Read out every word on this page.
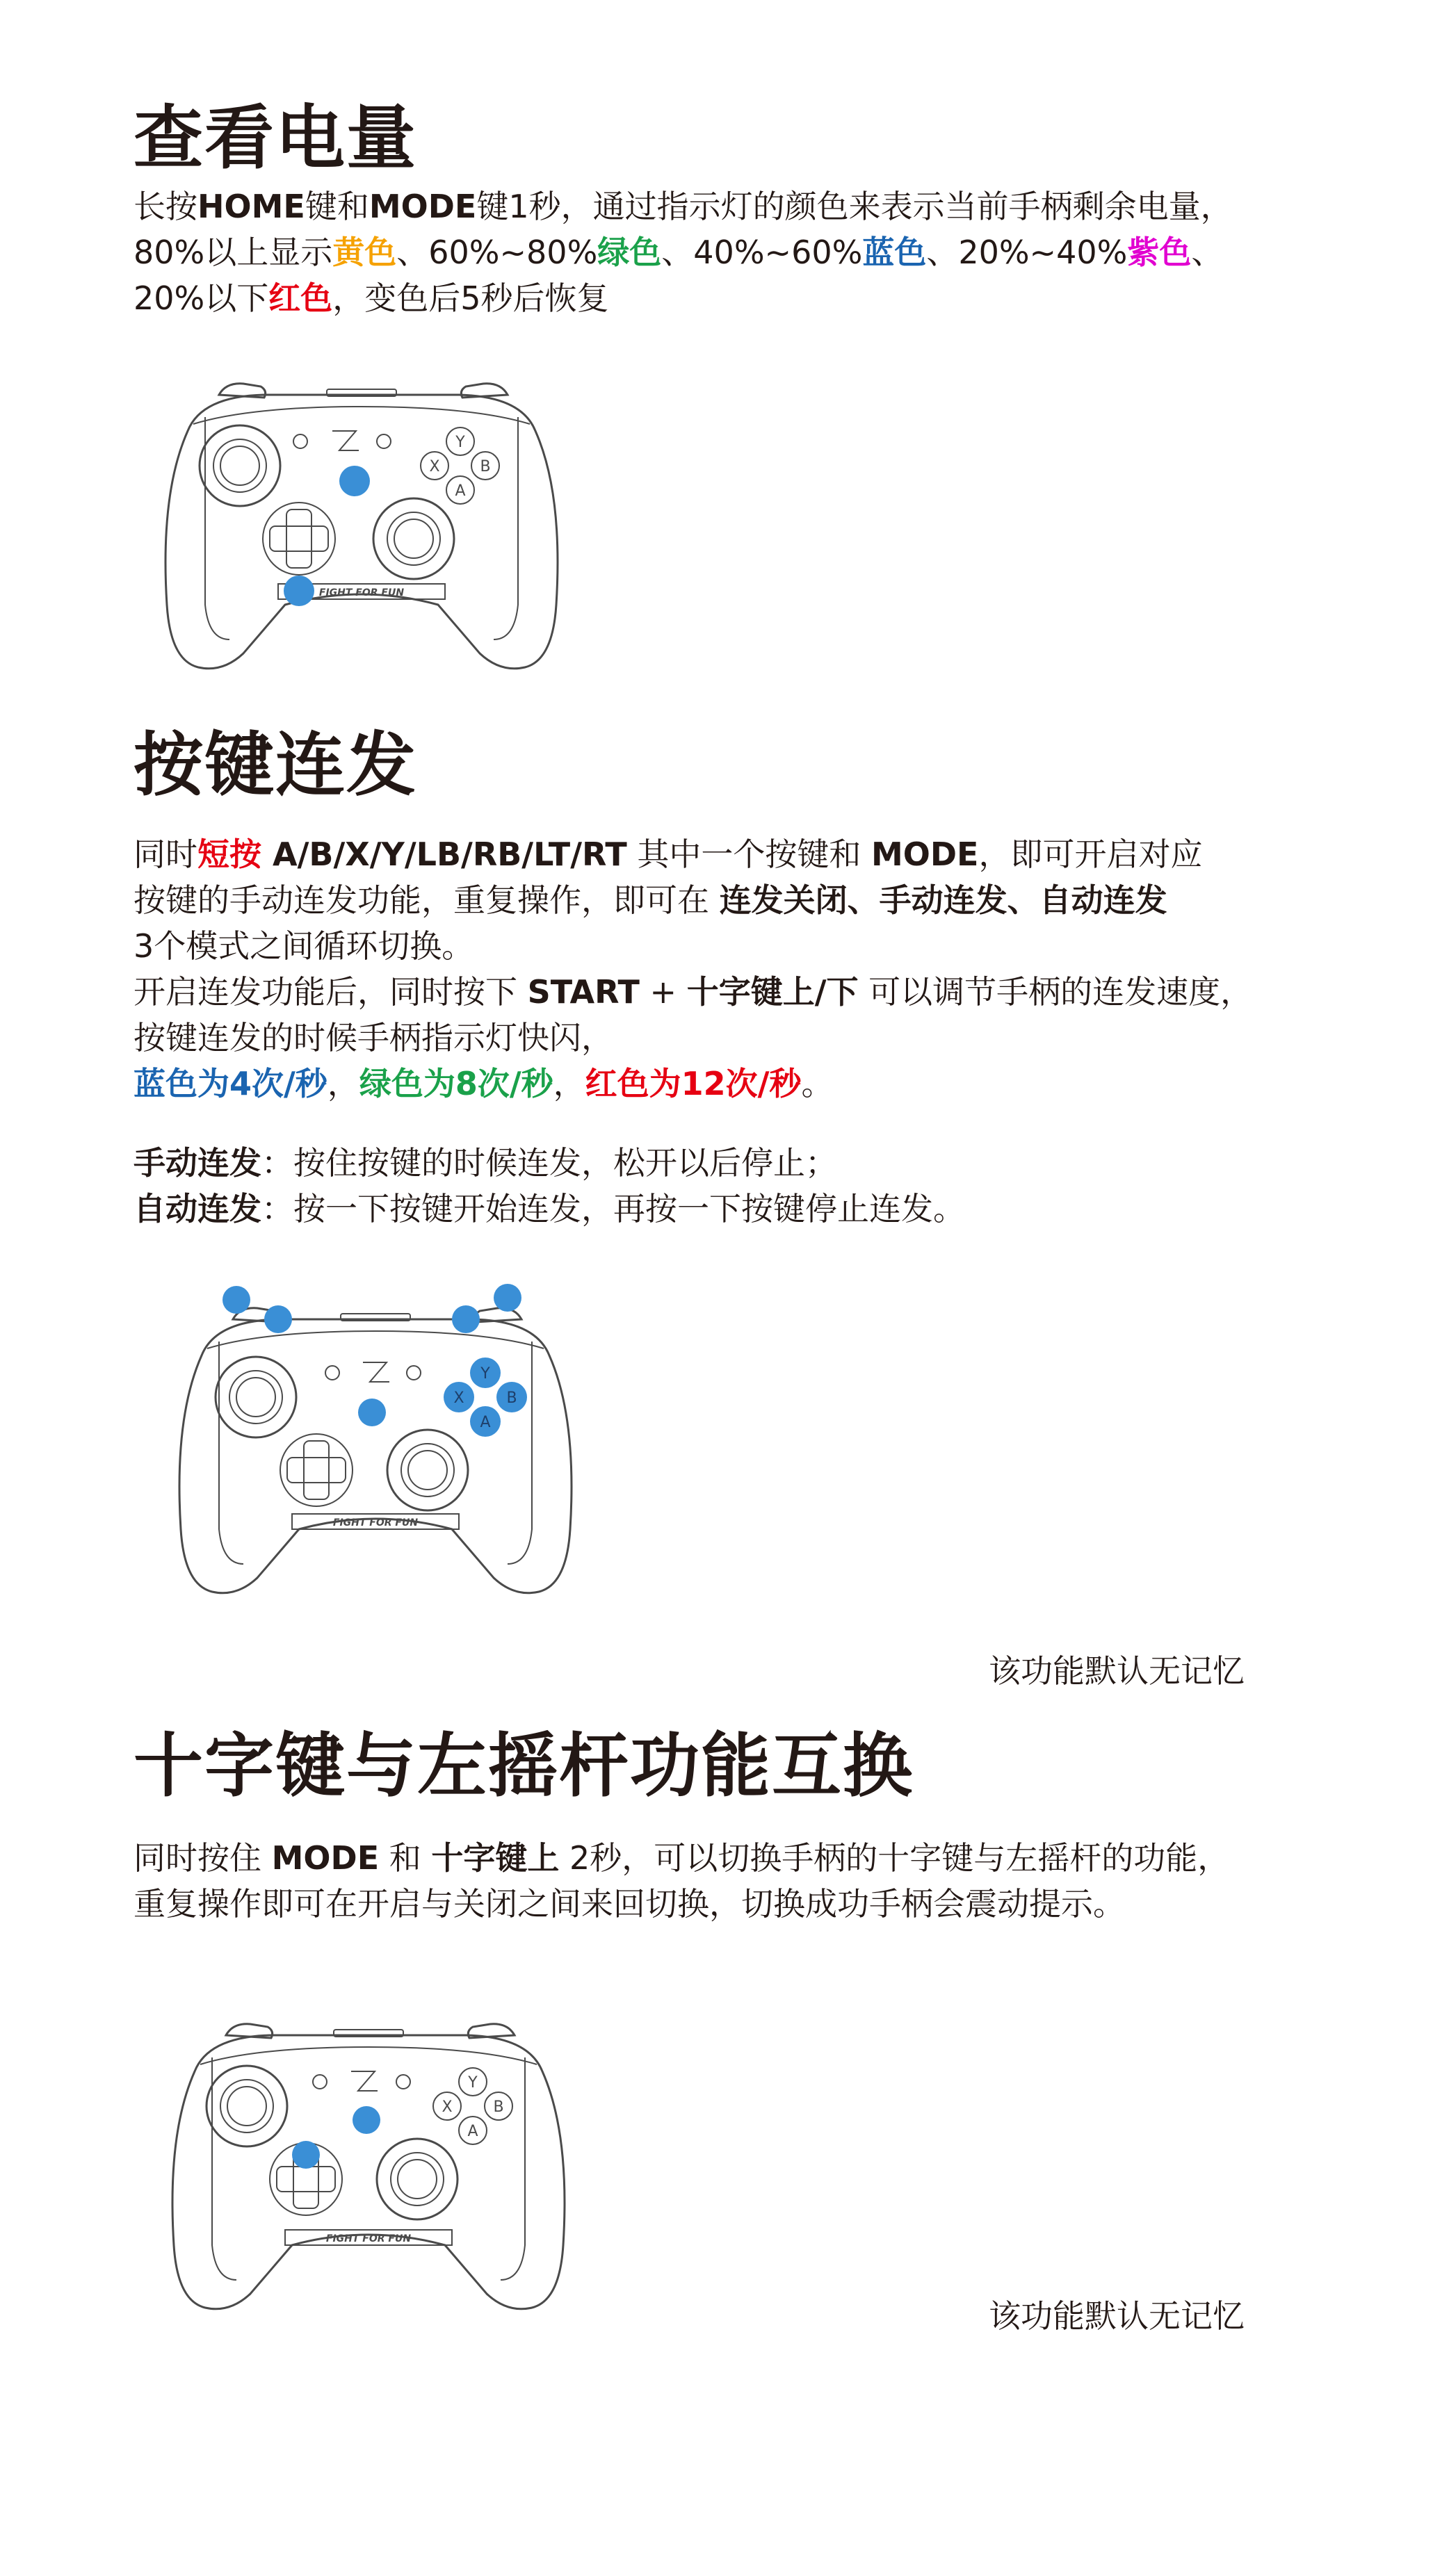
查看电量

长按HOME键和MODE键1秒，通过指示灯的颜色来表示当前手柄剩余电量，

80%以上显示黄色、60%~80%绿色、40%~60%蓝色、20%~40%紫色、

20%以下红色，变色后5秒后恢复

Y
X	B
A
FIGHT FOR FUN
按键连发

同时短按 A/B/X/Y/LB/RB/LT/RT 其中一个按键和 MODE，即可开启对应

按键的手动连发功能，重复操作，即可在 连发关闭、手动连发、自动连发

3个模式之间循环切换。

开启连发功能后，同时按下 START + 十字键上/下 可以调节手柄的连发速度，

按键连发的时候手柄指示灯快闪，

蓝色为4次/秒，绿色为8次/秒，红色为12次/秒。

手动连发：按住按键的时候连发，松开以后停止；

自动连发：按一下按键开始连发，再按一下按键停止连发。

Y
X	B
A
FIGHT FOR FUN
该功能默认无记忆
十字键与左摇杆功能互换

同时按住 MODE 和 十字键上 2秒，可以切换手柄的十字键与左摇杆的功能，

重复操作即可在开启与关闭之间来回切换，切换成功手柄会震动提示。

Y
X	B
A
FIGHT FOR FUN
该功能默认无记忆
